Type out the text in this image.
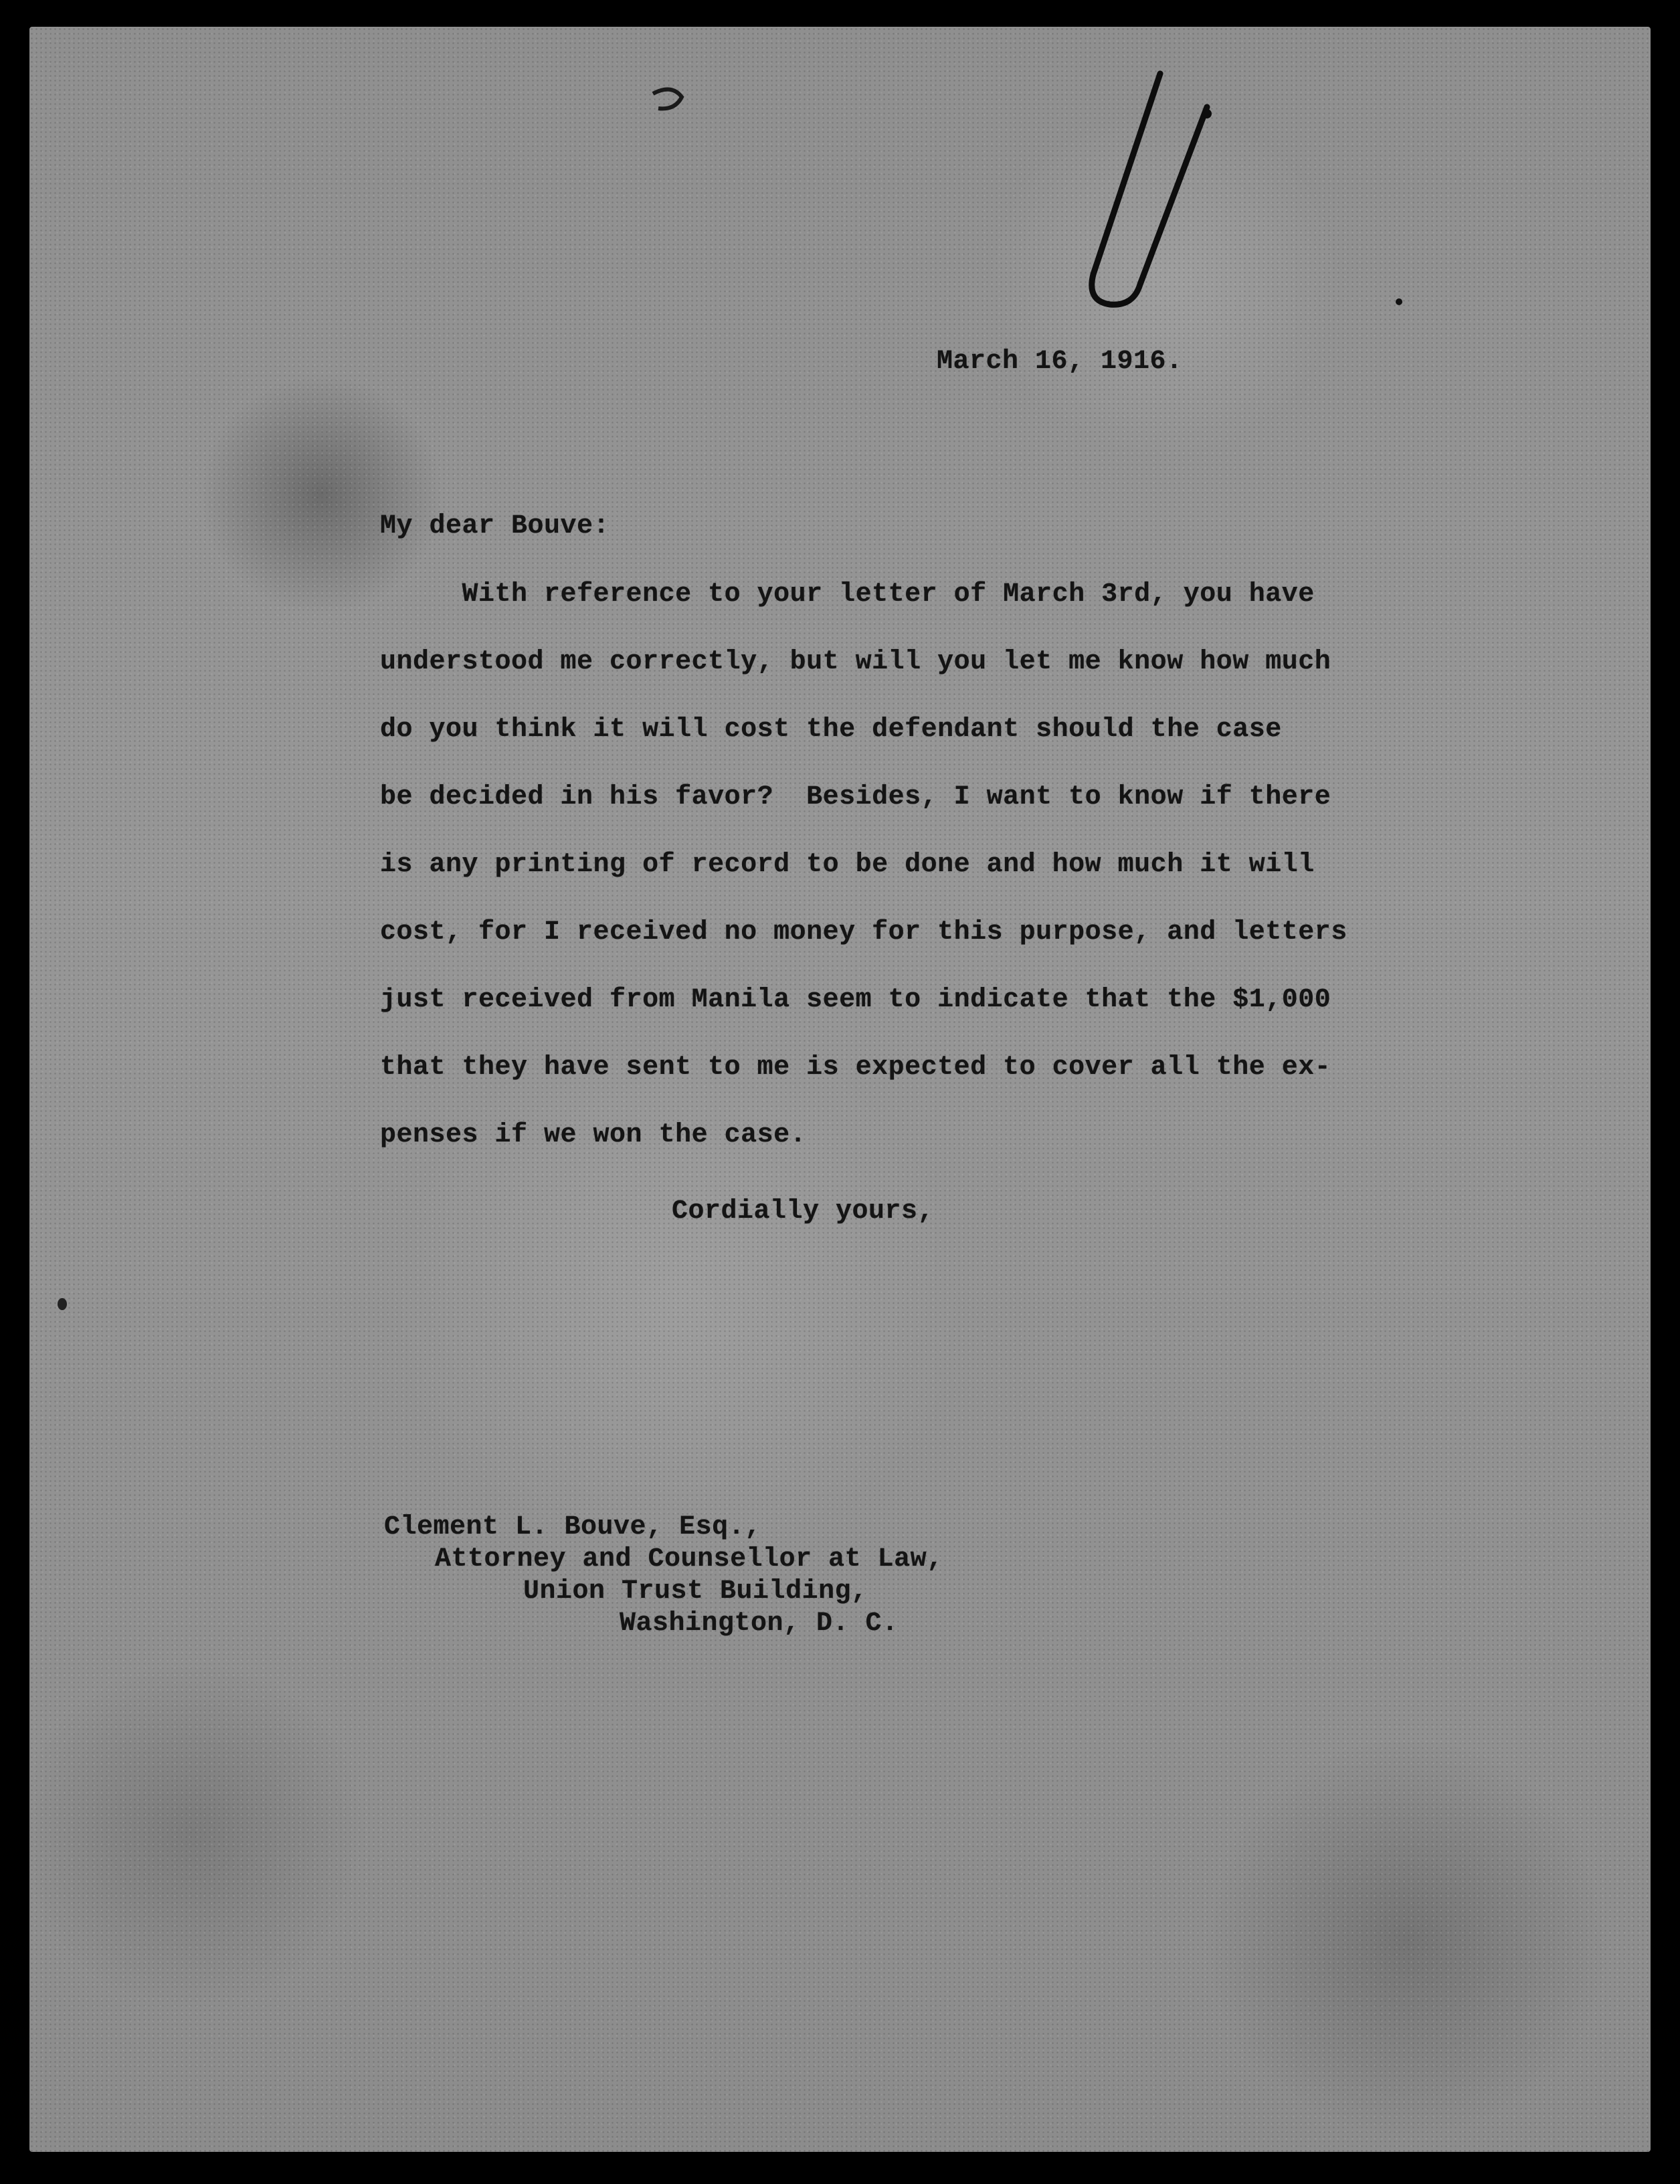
March 16, 1916.
My dear Bouve:
With reference to your letter of March 3rd, you have
understood me correctly, but will you let me know how much
do you think it will cost the defendant should the case
be decided in his favor?  Besides, I want to know if there
is any printing of record to be done and how much it will
cost, for I received no money for this purpose, and letters
just received from Manila seem to indicate that the $1,000
that they have sent to me is expected to cover all the ex-
penses if we won the case.
Cordially yours,
Clement L. Bouve, Esq.,
Attorney and Counsellor at Law,
Union Trust Building,
Washington, D. C.
